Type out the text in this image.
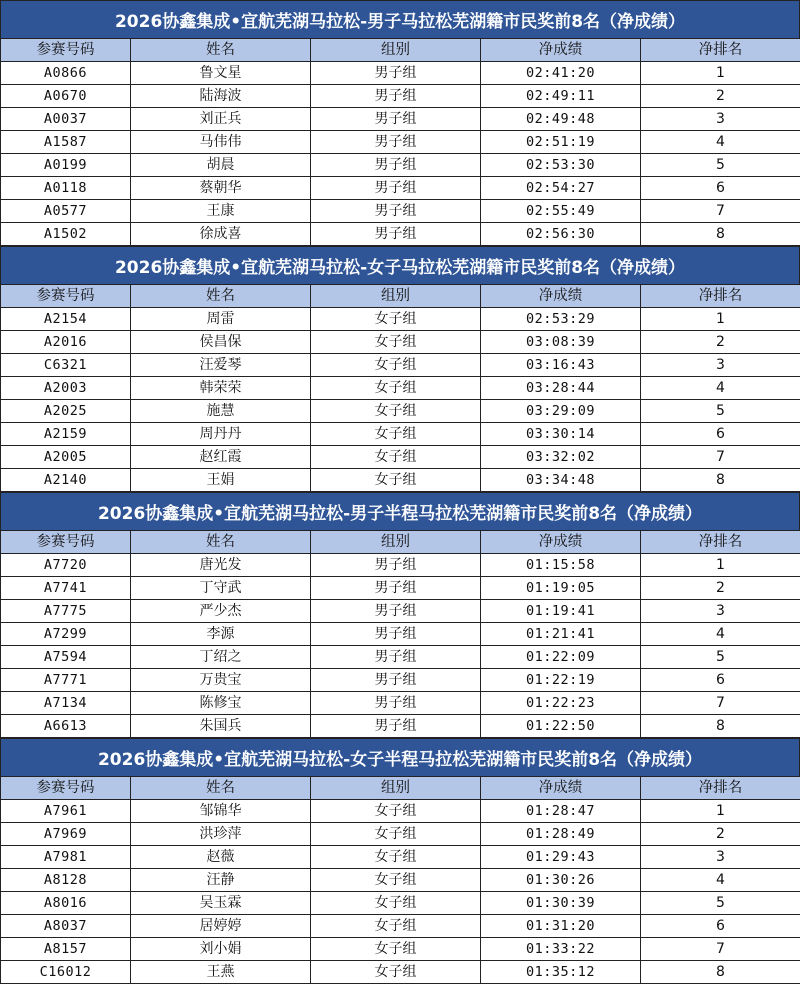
2026协鑫集成•宜航芜湖马拉松-男子马拉松芜湖籍市民奖前8名（净成绩）
参赛号码	姓名	组别	净成绩	净排名
A0866	鲁文星	男子组	02:41:20	1
A0670	陆海波	男子组	02:49:11	2
A0037	刘正兵	男子组	02:49:48	3
A1587	马伟伟	男子组	02:51:19	4
A0199	胡晨	男子组	02:53:30	5
A0118	蔡朝华	男子组	02:54:27	6
A0577	王康	男子组	02:55:49	7
A1502	徐成喜	男子组	02:56:30	8
2026协鑫集成•宜航芜湖马拉松-女子马拉松芜湖籍市民奖前8名（净成绩）
参赛号码	姓名	组别	净成绩	净排名
A2154	周雷	女子组	02:53:29	1
A2016	侯昌保	女子组	03:08:39	2
C6321	汪爱琴	女子组	03:16:43	3
A2003	韩荣荣	女子组	03:28:44	4
A2025	施慧	女子组	03:29:09	5
A2159	周丹丹	女子组	03:30:14	6
A2005	赵红霞	女子组	03:32:02	7
A2140	王娟	女子组	03:34:48	8
2026协鑫集成•宜航芜湖马拉松-男子半程马拉松芜湖籍市民奖前8名（净成绩）
参赛号码	姓名	组别	净成绩	净排名
A7720	唐光发	男子组	01:15:58	1
A7741	丁守武	男子组	01:19:05	2
A7775	严少杰	男子组	01:19:41	3
A7299	李源	男子组	01:21:41	4
A7594	丁绍之	男子组	01:22:09	5
A7771	万贵宝	男子组	01:22:19	6
A7134	陈修宝	男子组	01:22:23	7
A6613	朱国兵	男子组	01:22:50	8
2026协鑫集成•宜航芜湖马拉松-女子半程马拉松芜湖籍市民奖前8名（净成绩）
参赛号码	姓名	组别	净成绩	净排名
A7961	邹锦华	女子组	01:28:47	1
A7969	洪珍萍	女子组	01:28:49	2
A7981	赵薇	女子组	01:29:43	3
A8128	汪静	女子组	01:30:26	4
A8016	吴玉霖	女子组	01:30:39	5
A8037	居婷婷	女子组	01:31:20	6
A8157	刘小娟	女子组	01:33:22	7
C16012	王燕	女子组	01:35:12	8
